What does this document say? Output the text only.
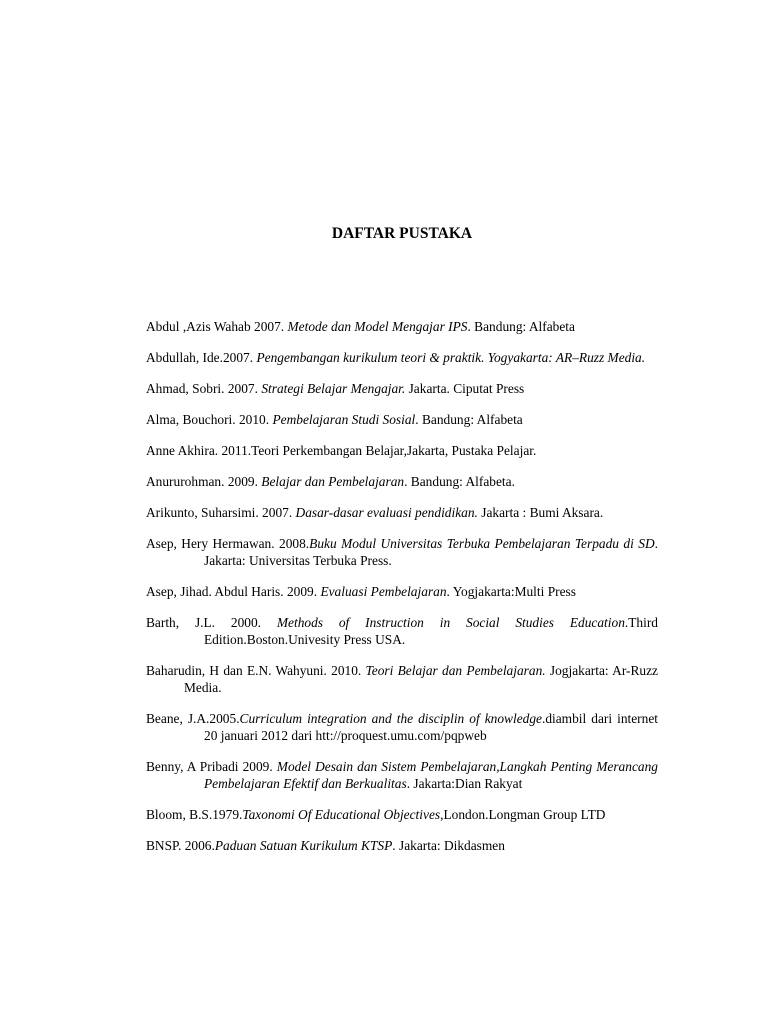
DAFTAR PUSTAKA

Abdul ,Azis Wahab 2007. Metode dan Model Mengajar IPS. Bandung: Alfabeta

Abdullah, Ide.2007. Pengembangan kurikulum teori & praktik. Yogyakarta: AR–Ruzz Media.

Ahmad, Sobri. 2007. Strategi Belajar Mengajar. Jakarta. Ciputat Press

Alma, Bouchori. 2010. Pembelajaran Studi Sosial. Bandung: Alfabeta

Anne Akhira. 2011.Teori Perkembangan Belajar,Jakarta, Pustaka Pelajar.

Anururohman. 2009. Belajar dan Pembelajaran. Bandung: Alfabeta.

Arikunto, Suharsimi. 2007. Dasar-dasar evaluasi pendidikan. Jakarta : Bumi Aksara.

Asep, Hery Hermawan. 2008.Buku Modul Universitas Terbuka Pembelajaran Terpadu di SD. Jakarta: Universitas Terbuka Press.

Asep, Jihad. Abdul Haris. 2009. Evaluasi Pembelajaran. Yogjakarta:Multi Press

Barth, J.L. 2000. Methods of Instruction in Social Studies Education.Third Edition.Boston.Univesity Press USA.

Baharudin, H dan E.N. Wahyuni. 2010. Teori Belajar dan Pembelajaran. Jogjakarta: Ar-Ruzz Media.

Beane, J.A.2005.Curriculum integration and the disciplin of knowledge.diambil dari internet 20 januari 2012 dari htt://proquest.umu.com/pqpweb

Benny, A Pribadi 2009. Model Desain dan Sistem Pembelajaran,Langkah Penting Merancang Pembelajaran Efektif dan Berkualitas. Jakarta:Dian Rakyat

Bloom, B.S.1979.Taxonomi Of Educational Objectives,London.Longman Group LTD

BNSP. 2006.Paduan Satuan Kurikulum KTSP. Jakarta: Dikdasmen
